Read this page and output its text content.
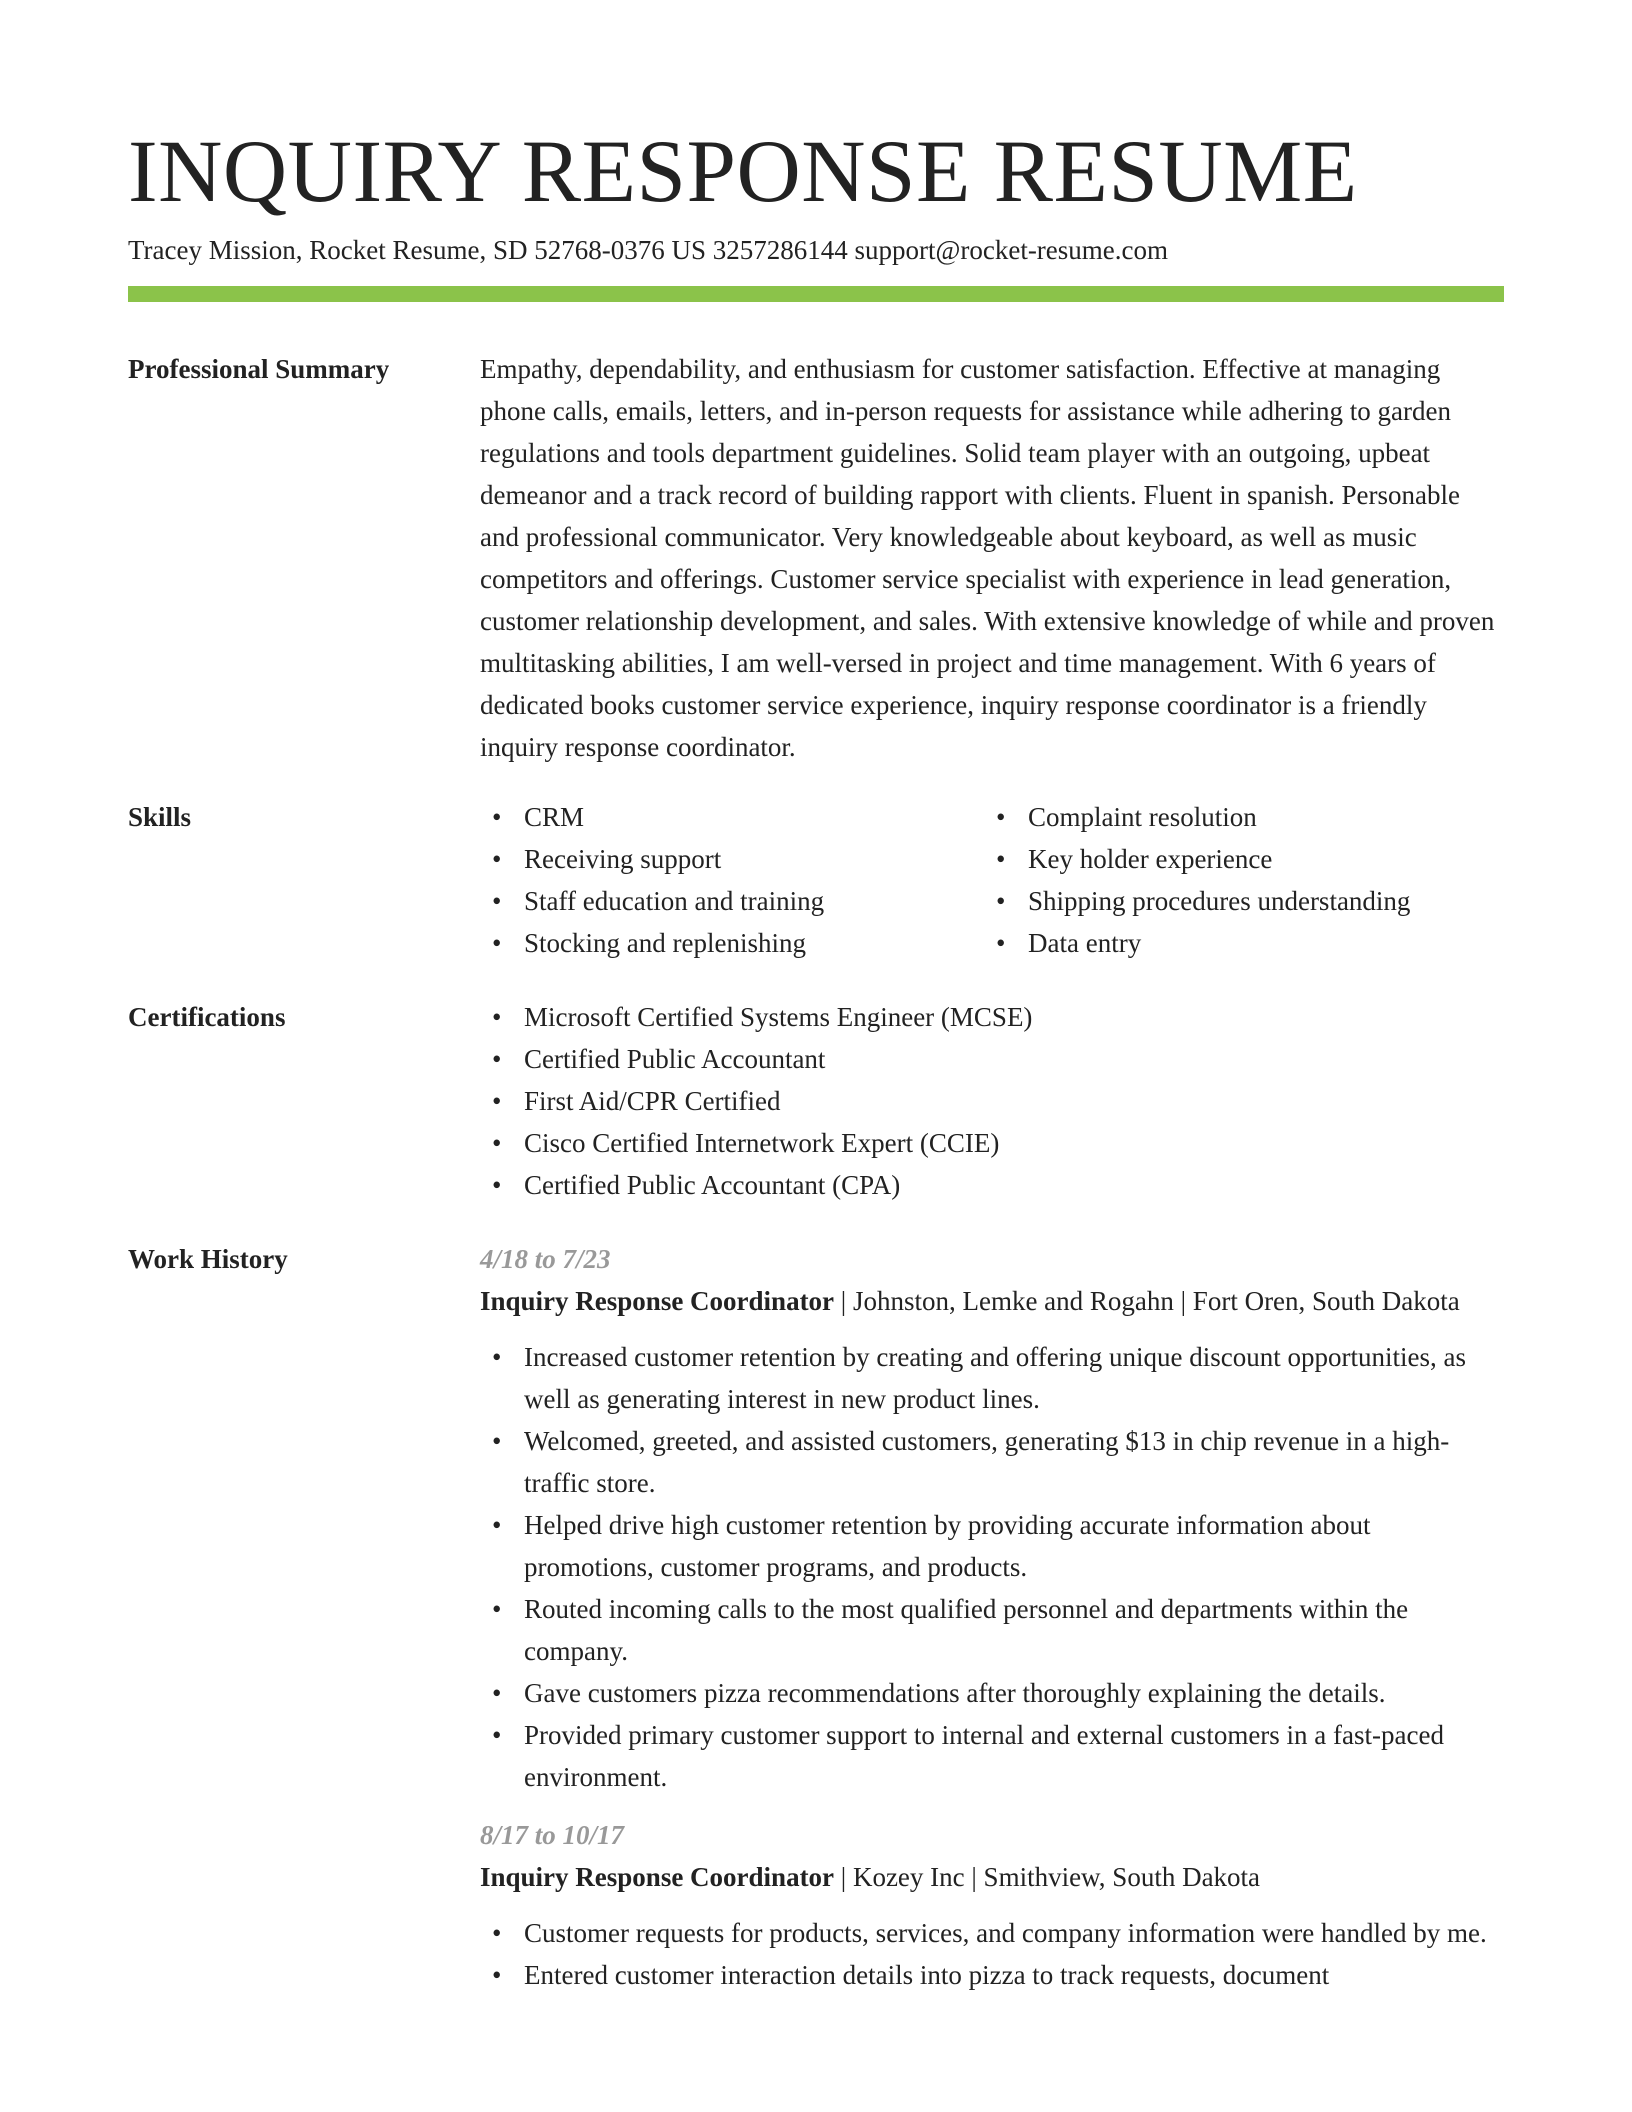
INQUIRY RESPONSE RESUME
Tracey Mission, Rocket Resume, SD 52768-0376 US 3257286144 support@rocket-resume.com
Professional Summary	Empathy, dependability, and enthusiasm for customer satisfaction. Effective at managing phone calls, emails, letters, and in-person requests for assistance while adhering to garden regulations and tools department guidelines. Solid team player with an outgoing, upbeat demeanor and a track record of building rapport with clients. Fluent in spanish. Personable and professional communicator. Very knowledgeable about keyboard, as well as music competitors and offerings. Customer service specialist with experience in lead generation, customer relationship development, and sales. With extensive knowledge of while and proven multitasking abilities, I am well-versed in project and time management. With 6 years of dedicated books customer service experience, inquiry response coordinator is a friendly inquiry response coordinator.

Skills	• CRM
• Receiving support
• Staff education and training
• Stocking and replenishing
• Complaint resolution
• Key holder experience
• Shipping procedures understanding
• Data entry
Certifications	• Microsoft Certified Systems Engineer (MCSE)
• Certified Public Accountant
• First Aid/CPR Certified
• Cisco Certified Internetwork Expert (CCIE)
• Certified Public Accountant (CPA)
Work History	4/18 to 7/23
Inquiry Response Coordinator | Johnston, Lemke and Rogahn | Fort Oren, South Dakota
• Increased customer retention by creating and offering unique discount opportunities, as well as generating interest in new product lines.
• Welcomed, greeted, and assisted customers, generating $13 in chip revenue in a high-traffic store.
• Helped drive high customer retention by providing accurate information about promotions, customer programs, and products.
• Routed incoming calls to the most qualified personnel and departments within the company.
• Gave customers pizza recommendations after thoroughly explaining the details.
• Provided primary customer support to internal and external customers in a fast-paced environment.
8/17 to 10/17
Inquiry Response Coordinator | Kozey Inc | Smithview, South Dakota
• Customer requests for products, services, and company information were handled by me.
• Entered customer interaction details into pizza to track requests, document
